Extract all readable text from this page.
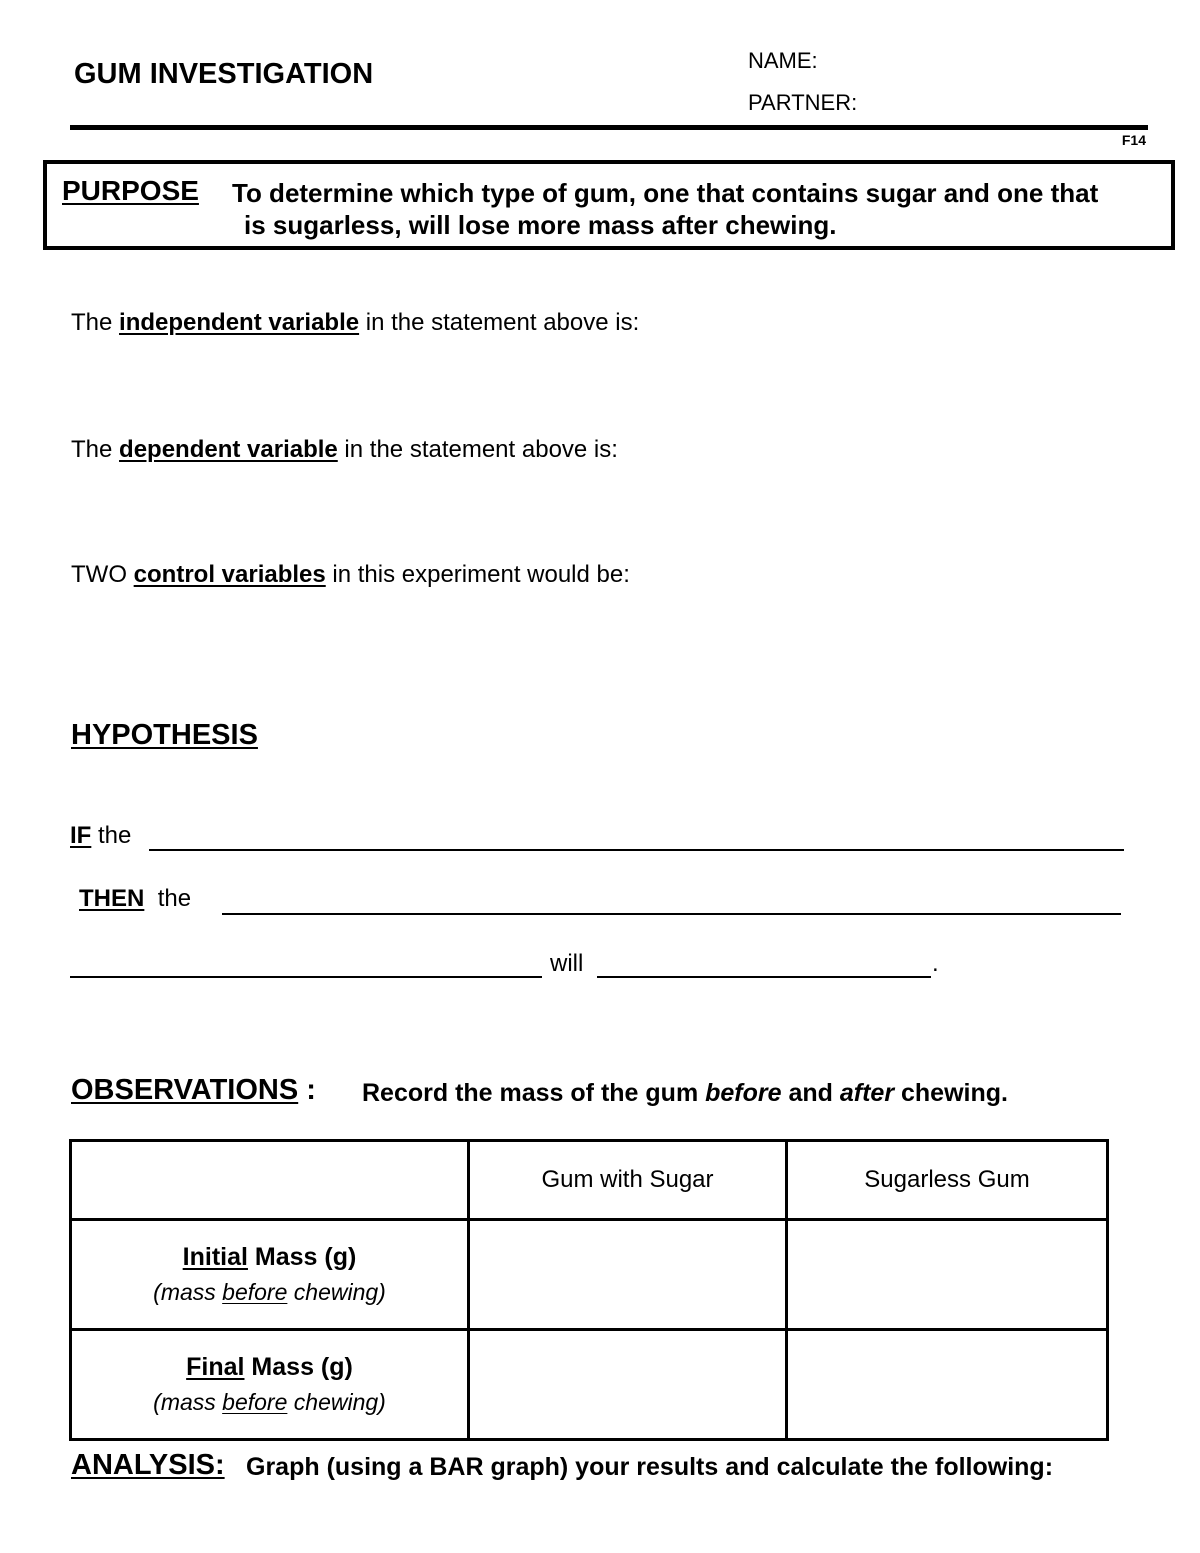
GUM INVESTIGATION	NAME:
PARTNER:
F14
PURPOSE To determine which type of gum, one that contains sugar and one that
is sugarless, will lose more mass after chewing.
The independent variable in the statement above is:
The dependent variable in the statement above is:
TWO control variables in this experiment would be:
HYPOTHESIS
IF the
THEN the
will	.
OBSERVATIONS : Record the mass of the gum before and after chewing.
	Gum with Sugar	Sugarless Gum

Initial Mass (g)
(mass before chewing)		

Final Mass (g)
(mass before chewing)		

ANALYSIS: Graph (using a BAR graph) your results and calculate the following:
